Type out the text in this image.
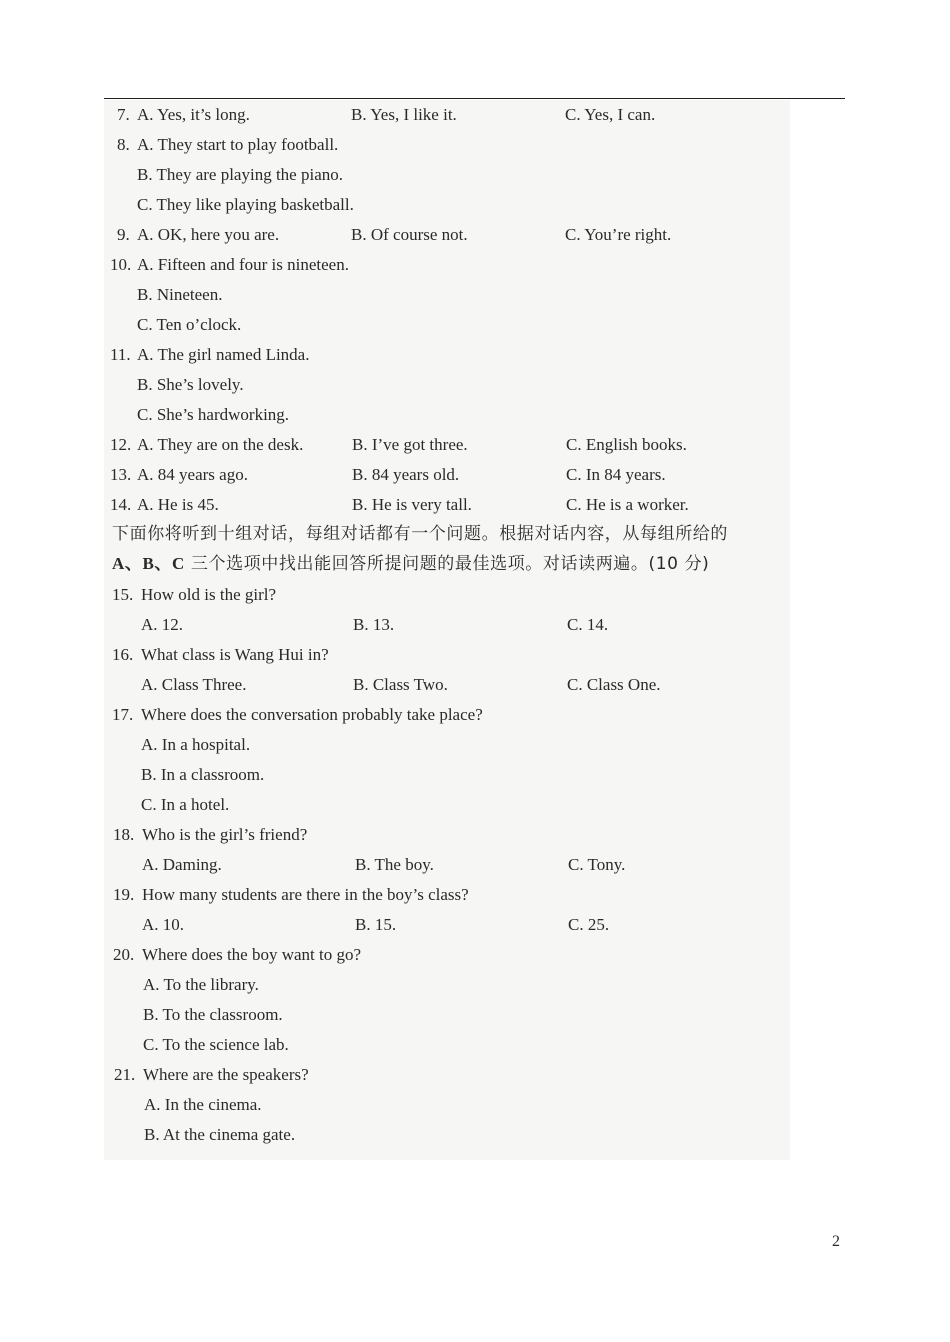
7. A. Yes, it’s long.	B. Yes, I like it.	C. Yes, I can.
8. A. They start to play football.
B. They are playing the piano.
C. They like playing basketball.
9. A. OK, here you are.	B. Of course not.	C. You’re right.
10. A. Fifteen and four is nineteen.
B. Nineteen.
C. Ten o’clock.
11. A. The girl named Linda.
B. She’s lovely.
C. She’s hardworking.
12. A. They are on the desk.	B. I’ve got three.	C. English books.
13. A. 84 years ago.	B. 84 years old.	C. In 84 years.
14. A. He is 45.	B. He is very tall.	C. He is a worker.
下面你将听到十组对话，每组对话都有一个问题。根据对话内容，从每组所给的
A、B、C 三个选项中找出能回答所提问题的最佳选项。对话读两遍。(10 分)
15. How old is the girl?
A. 12.	B. 13.	C. 14.
16. What class is Wang Hui in?
A. Class Three.	B. Class Two.	C. Class One.
17. Where does the conversation probably take place?
A. In a hospital.
B. In a classroom.
C. In a hotel.
18. Who is the girl’s friend?
A. Daming.	B. The boy.	C. Tony.
19. How many students are there in the boy’s class?
A. 10.	B. 15.	C. 25.
20. Where does the boy want to go?
A. To the library.
B. To the classroom.
C. To the science lab.
21. Where are the speakers?
A. In the cinema.
B. At the cinema gate.
2
